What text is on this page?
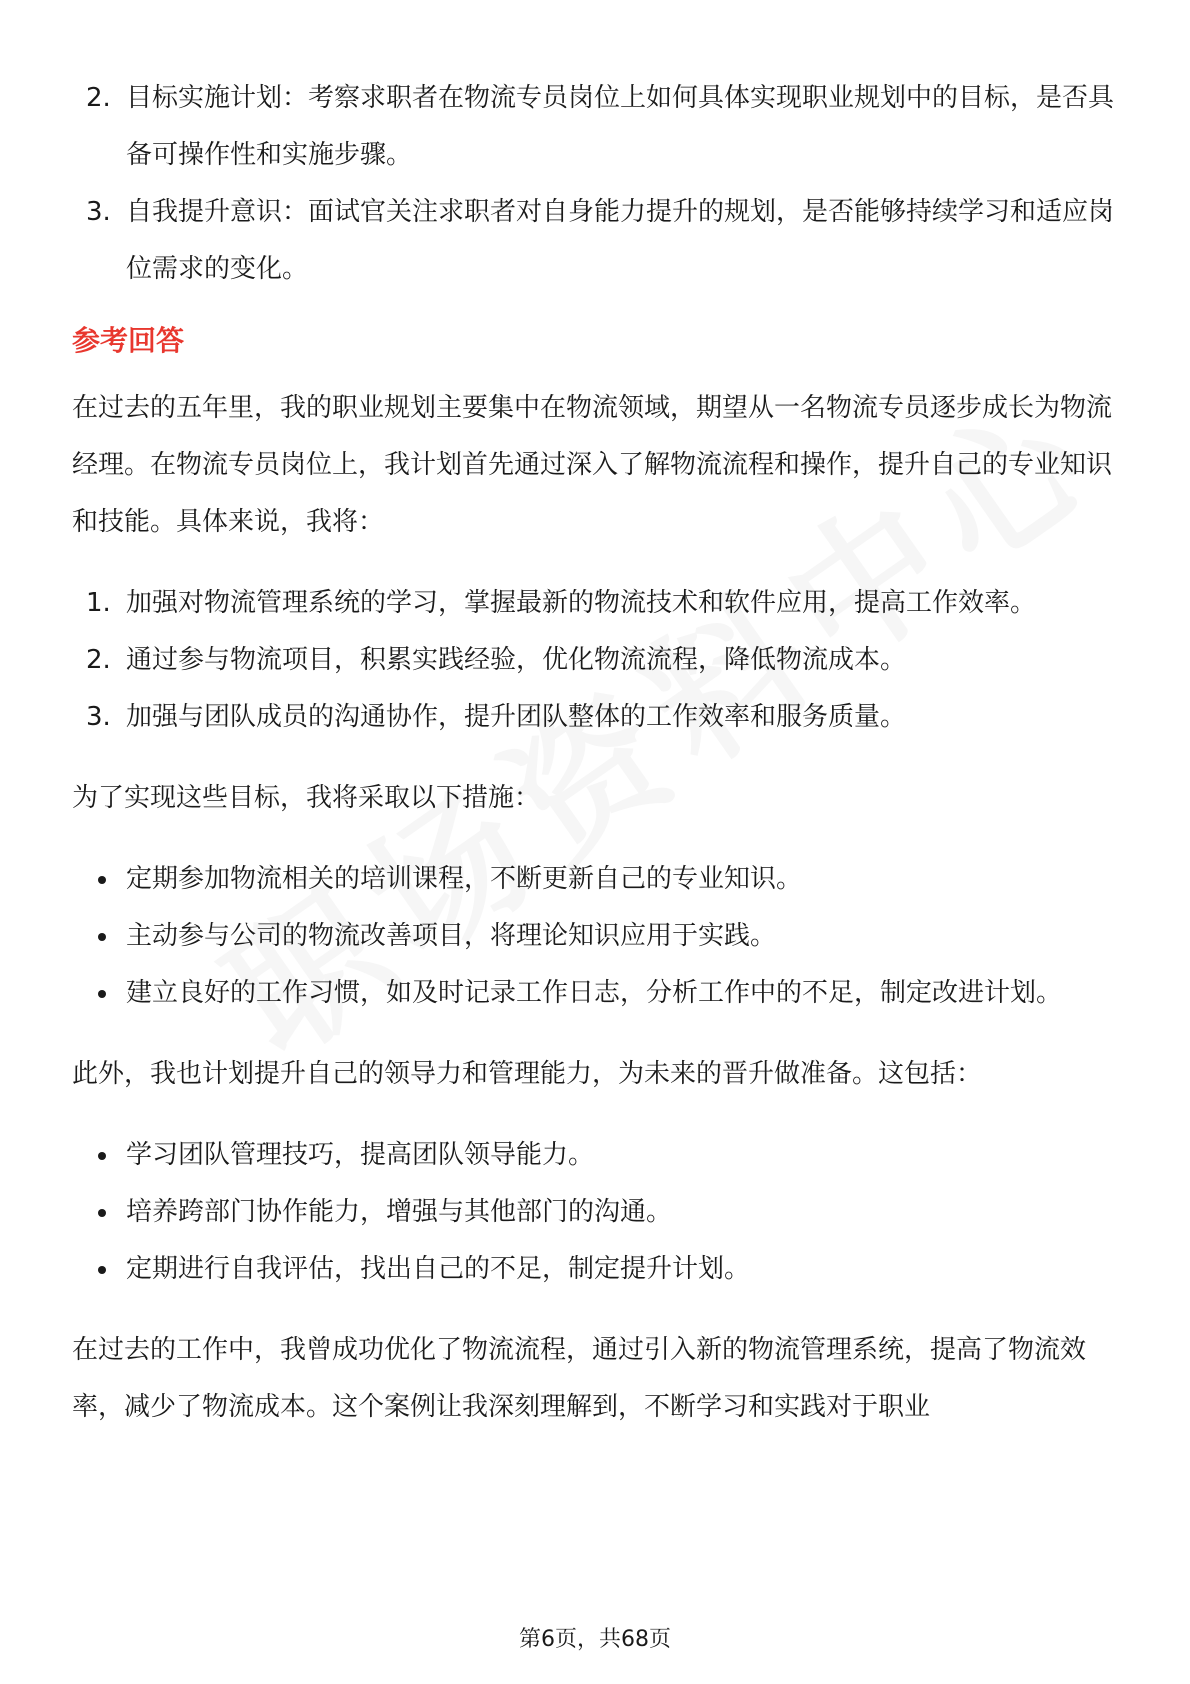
2. 目标实施计划：考察求职者在物流专员岗位上如何具体实现职业规划中的目标，是否具备可操作性和实施步骤。
3. 自我提升意识：面试官关注求职者对自身能力提升的规划，是否能够持续学习和适应岗位需求的变化。
参考回答

在过去的五年里，我的职业规划主要集中在物流领域，期望从一名物流专员逐步成长为物流经理。在物流专员岗位上，我计划首先通过深入了解物流流程和操作，提升自己的专业知识和技能。具体来说，我将：

1. 加强对物流管理系统的学习，掌握最新的物流技术和软件应用，提高工作效率。
2. 通过参与物流项目，积累实践经验，优化物流流程，降低物流成本。
3. 加强与团队成员的沟通协作，提升团队整体的工作效率和服务质量。

为了实现这些目标，我将采取以下措施：

定期参加物流相关的培训课程，不断更新自己的专业知识。
主动参与公司的物流改善项目，将理论知识应用于实践。
建立良好的工作习惯，如及时记录工作日志，分析工作中的不足，制定改进计划。

此外，我也计划提升自己的领导力和管理能力，为未来的晋升做准备。这包括：

学习团队管理技巧，提高团队领导能力。
培养跨部门协作能力，增强与其他部门的沟通。
定期进行自我评估，找出自己的不足，制定提升计划。

在过去的工作中，我曾成功优化了物流流程，通过引入新的物流管理系统，提高了物流效率，减少了物流成本。这个案例让我深刻理解到，不断学习和实践对于职业

第6页，共68页
